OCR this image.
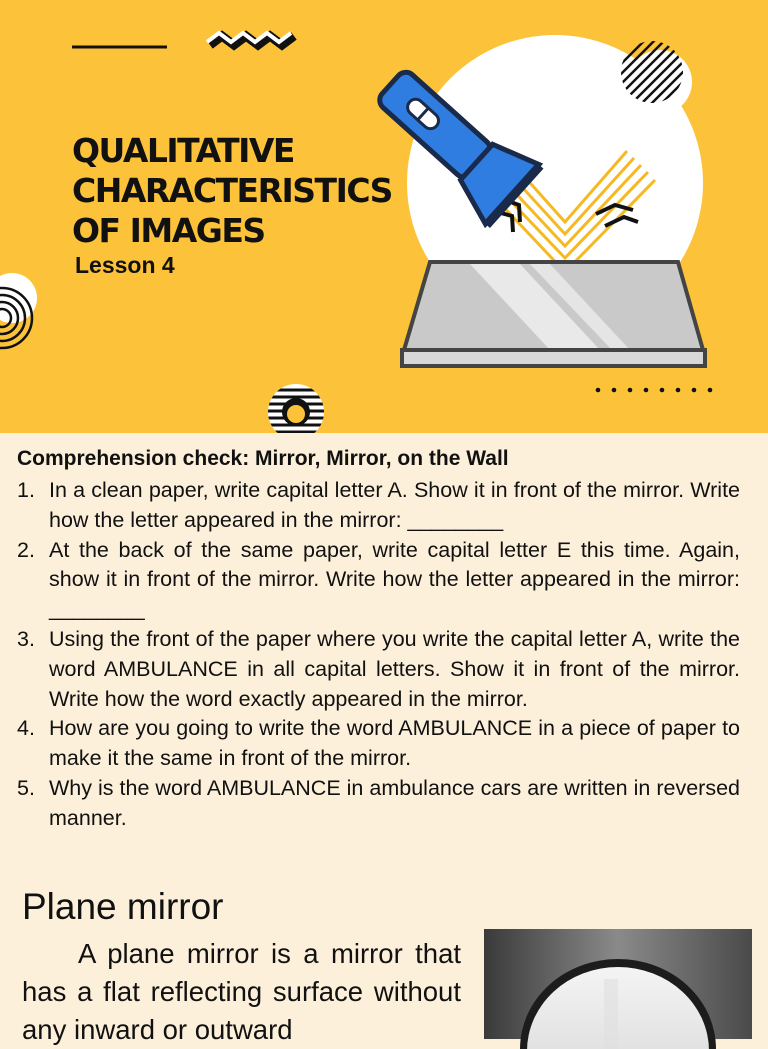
QUALITATIVE
CHARACTERISTICS
OF IMAGES
Lesson 4
Comprehension check: Mirror, Mirror, on the Wall
1. In a clean paper, write capital letter A. Show it in front of the mirror. Write how the letter appeared in the mirror: ________
2. At the back of the same paper, write capital letter E this time. Again, show it in front of the mirror. Write how the letter appeared in the mirror: ________
3. Using the front of the paper where you write the capital letter A, write the word AMBULANCE in all capital letters. Show it in front of the mirror. Write how the word exactly appeared in the mirror.
4. How are you going to write the word AMBULANCE in a piece of paper to make it the same in front of the mirror.
5. Why is the word AMBULANCE in ambulance cars are written in reversed manner.
Plane mirror

A plane mirror is a mirror that has a flat reflecting surface without any inward or outward
